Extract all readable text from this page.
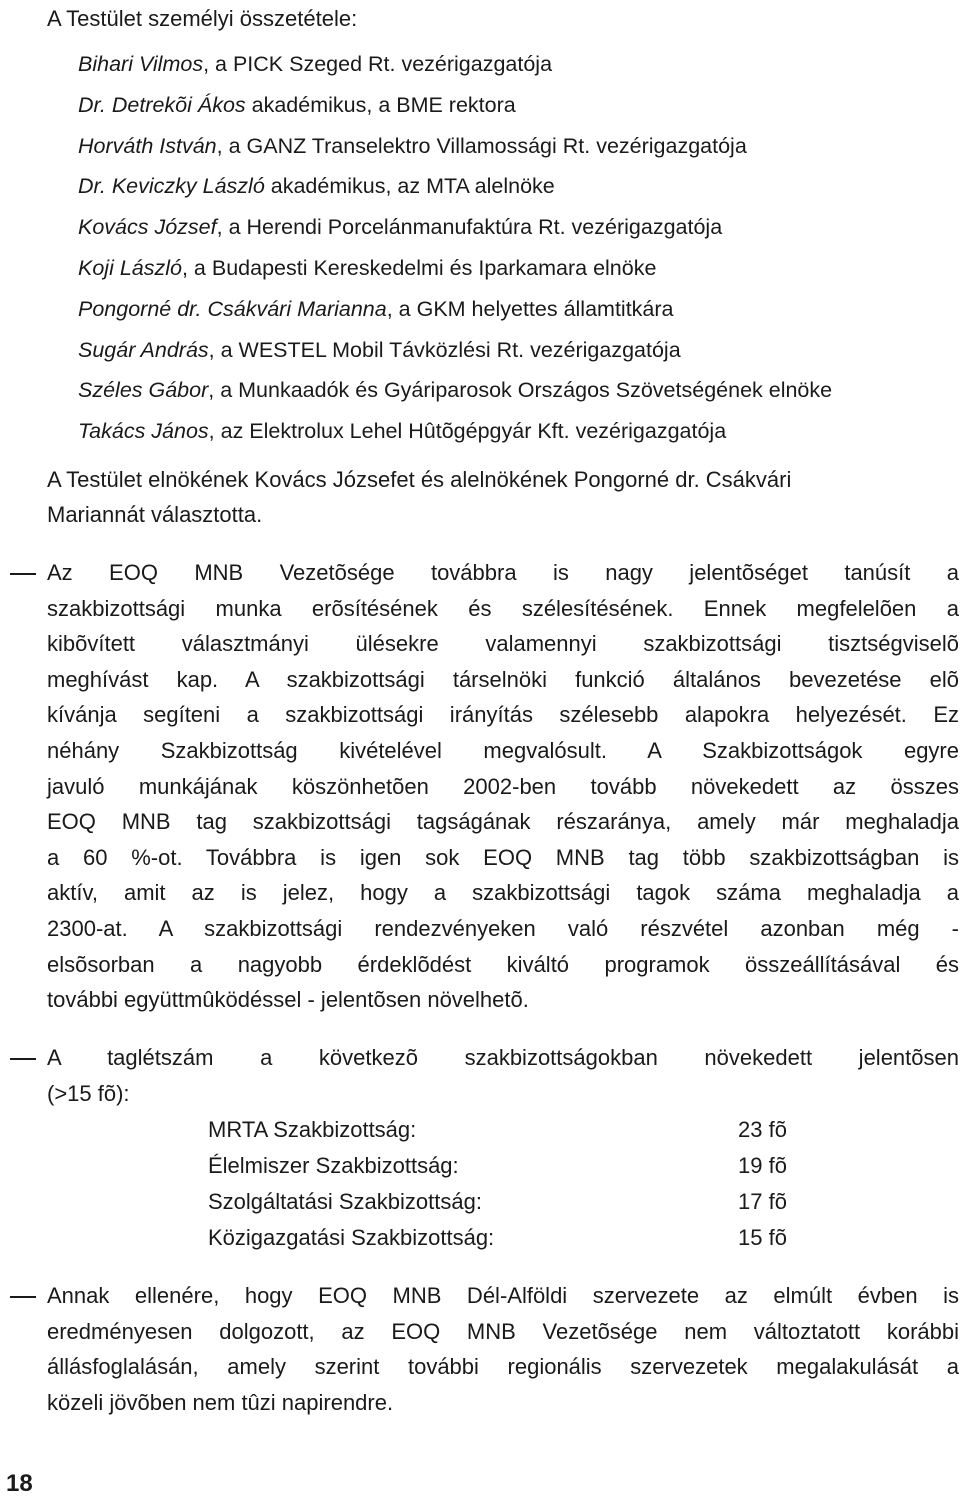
A Testület személyi összetétele:
Bihari Vilmos, a PICK Szeged Rt. vezérigazgatója
Dr. Detrekõi Ákos akadémikus, a BME rektora
Horváth István, a GANZ Transelektro Villamossági Rt. vezérigazgatója
Dr. Keviczky László akadémikus, az MTA alelnöke
Kovács József, a Herendi Porcelánmanufaktúra Rt. vezérigazgatója
Koji László, a Budapesti Kereskedelmi és Iparkamara elnöke
Pongorné dr. Csákvári Marianna, a GKM helyettes államtitkára
Sugár András, a WESTEL Mobil Távközlési Rt. vezérigazgatója
Széles Gábor, a Munkaadók és Gyáriparosok Országos Szövetségének elnöke
Takács János, az Elektrolux Lehel Hûtõgépgyár Kft. vezérigazgatója
A Testület elnökének Kovács Józsefet és alelnökének Pongorné dr. Csákvári
Mariannát választotta.
Az EOQ MNB Vezetõsége továbbra is nagy jelentõséget tanúsít a
szakbizottsági munka erõsítésének és szélesítésének. Ennek megfelelõen a
kibõvített választmányi ülésekre valamennyi szakbizottsági tisztségviselõ
meghívást kap. A szakbizottsági társelnöki funkció általános bevezetése elõ
kívánja segíteni a szakbizottsági irányítás szélesebb alapokra helyezését. Ez
néhány Szakbizottság kivételével megvalósult. A Szakbizottságok egyre
javuló munkájának köszönhetõen 2002-ben tovább növekedett az összes
EOQ MNB tag szakbizottsági tagságának részaránya, amely már meghaladja
a 60 %-ot. Továbbra is igen sok EOQ MNB tag több szakbizottságban is
aktív, amit az is jelez, hogy a szakbizottsági tagok száma meghaladja a
2300-at. A szakbizottsági rendezvényeken való részvétel azonban még -
elsõsorban a nagyobb érdeklõdést kiváltó programok összeállításával és
további együttmûködéssel - jelentõsen növelhetõ.
A taglétszám a következõ szakbizottságokban növekedett jelentõsen
(>15 fõ):
MRTA Szakbizottság:	23 fõ
Élelmiszer Szakbizottság:	19 fõ
Szolgáltatási Szakbizottság:	17 fõ
Közigazgatási Szakbizottság:	15 fõ
Annak ellenére, hogy EOQ MNB Dél-Alföldi szervezete az elmúlt évben is
eredményesen dolgozott, az EOQ MNB Vezetõsége nem változtatott korábbi
állásfoglalásán, amely szerint további regionális szervezetek megalakulását a
közeli jövõben nem tûzi napirendre.
18
